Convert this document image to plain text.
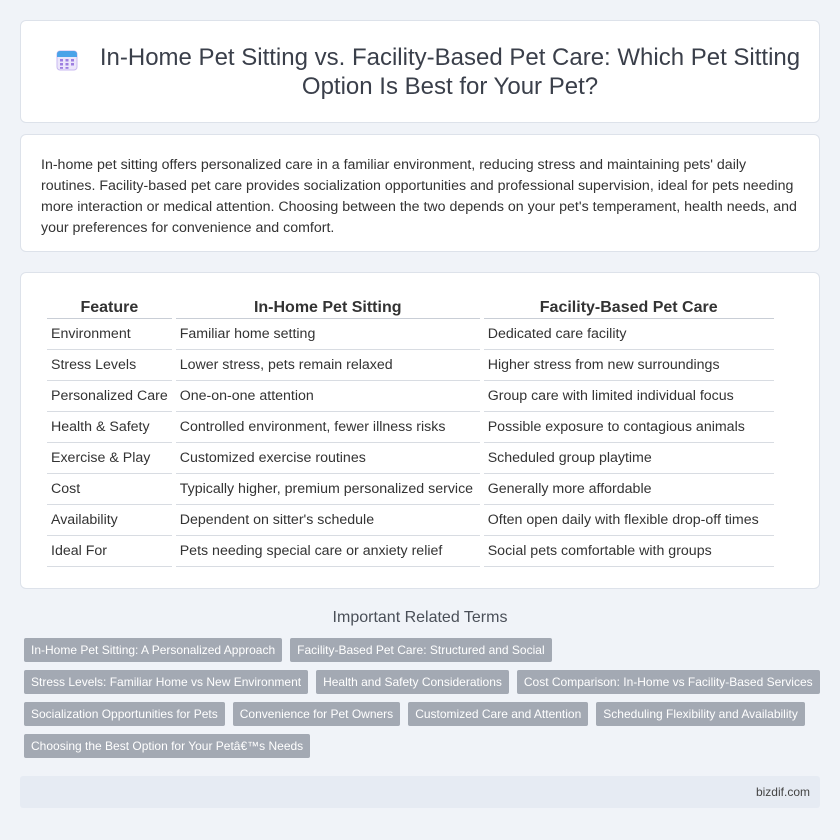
In-Home Pet Sitting vs. Facility-Based Pet Care: Which Pet Sitting Option Is Best for Your Pet?

In-home pet sitting offers personalized care in a familiar environment, reducing stress and maintaining pets' daily routines. Facility-based pet care provides socialization opportunities and professional supervision, ideal for pets needing more interaction or medical attention. Choosing between the two depends on your pet's temperament, health needs, and your preferences for convenience and comfort.

Feature	In-Home Pet Sitting	Facility-Based Pet Care
Environment	Familiar home setting	Dedicated care facility
Stress Levels	Lower stress, pets remain relaxed	Higher stress from new surroundings
Personalized Care	One-on-one attention	Group care with limited individual focus
Health & Safety	Controlled environment, fewer illness risks	Possible exposure to contagious animals
Exercise & Play	Customized exercise routines	Scheduled group playtime
Cost	Typically higher, premium personalized service	Generally more affordable
Availability	Dependent on sitter's schedule	Often open daily with flexible drop-off times
Ideal For	Pets needing special care or anxiety relief	Social pets comfortable with groups
Important Related Terms
In-Home Pet Sitting: A Personalized Approach	Facility-Based Pet Care: Structured and Social
Stress Levels: Familiar Home vs New Environment	Health and Safety Considerations	Cost Comparison: In-Home vs Facility-Based Services
Socialization Opportunities for Pets	Convenience for Pet Owners	Customized Care and Attention	Scheduling Flexibility and Availability
Choosing the Best Option for Your Petâ€™s Needs
bizdif.com
